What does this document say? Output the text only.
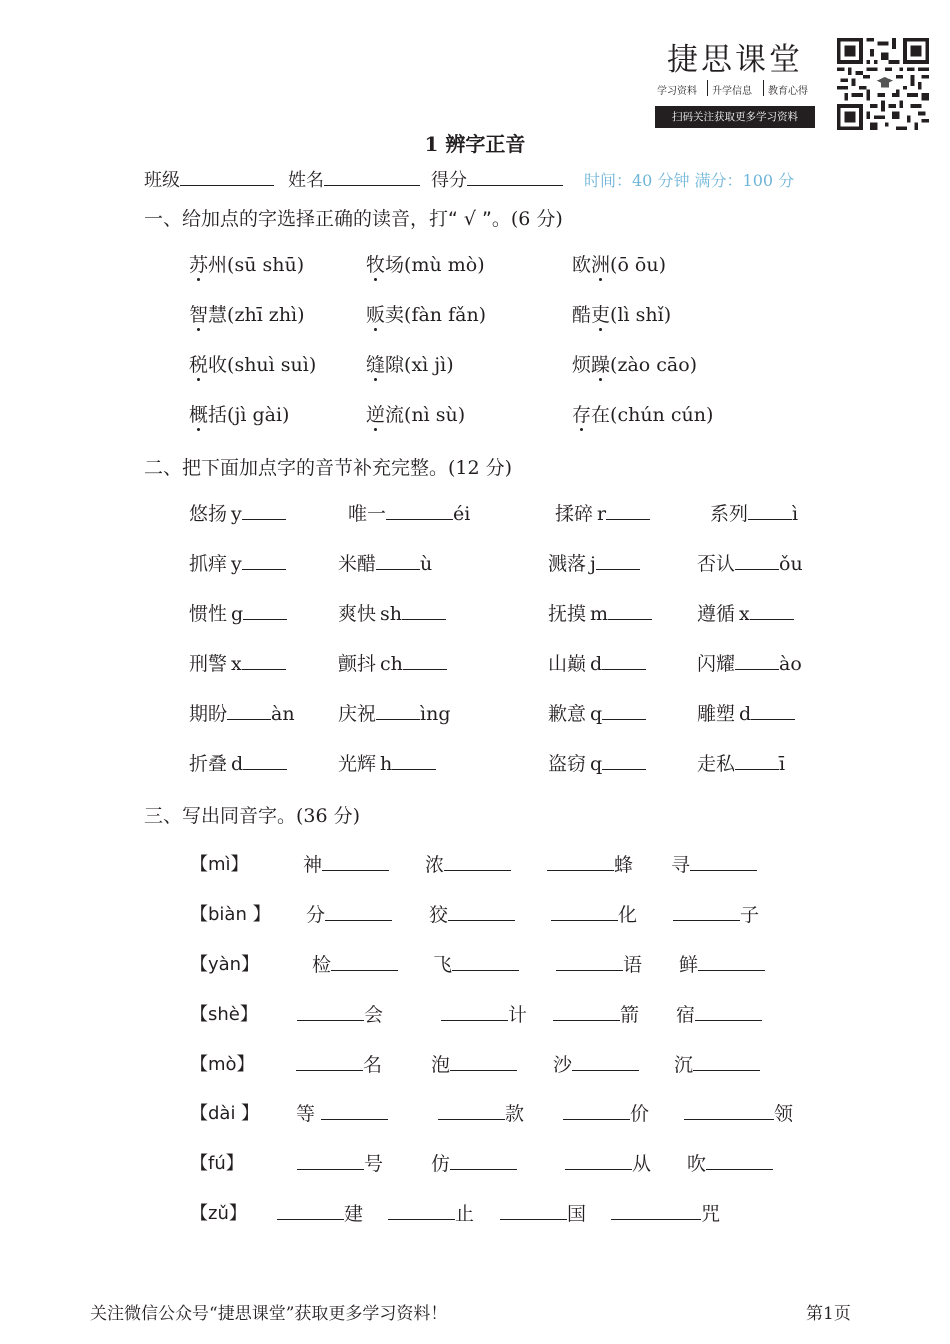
捷思课堂
学习资料 升学信息 教育心得
扫码关注获取更多学习资料
1 辨字正音
班级	姓名	得分	时间：40 分钟 满分：100 分
一、给加点的字选择正确的读音，打“ √ ”。(6 分)
苏州(sū shū)	牧场(mù mò)	欧洲(ō ōu)
智慧(zhī zhì)	贩卖(fàn fǎn)	酷吏(lì shǐ)
税收(shuì suì)	缝隙(xì jì)	烦躁(zào cāo)
概括(jì gài)	逆流(nì sù)	存在(chún cún)
二、把下面加点字的音节补充完整。(12 分)
悠扬 y	唯一	éi	揉碎 r	系列 ì
抓痒 y	米醋 ù	溅落 j	否认 ǒu
惯性 g	爽快 sh	抚摸 m	遵循 x
刑警 x	颤抖 ch	山巅 d	闪耀 ào
期盼 àn 庆祝 ìng	歉意 q	雕塑 d
折叠 d	光辉 h	盗窃 q	走私 ī
三、写出同音字。(36 分)
【mì】	神	浓	蜂 寻
【biàn 】 分	狡	化	子
【yàn】	检	飞	语 鲜
【shè】	会	计	箭 宿
【mò】	名	泡	沙	沉
【dài 】 等	款	价	领
【fú】	号	仿	从 吹
【zǔ】	建	止	国	咒
关注微信公众号“捷思课堂”获取更多学习资料！	第1页
